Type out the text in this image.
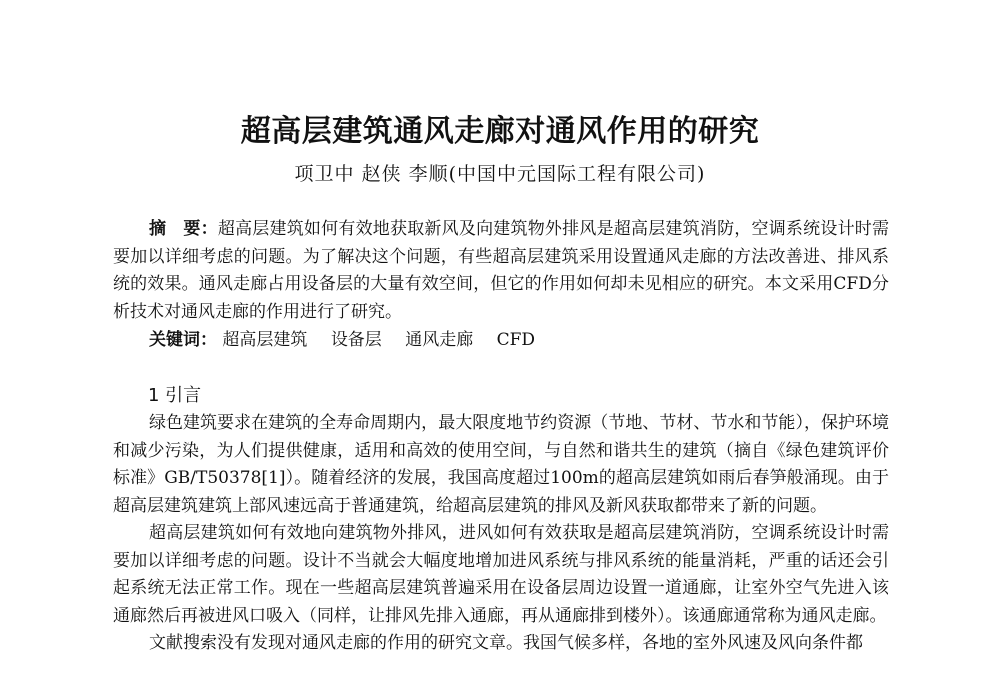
超高层建筑通风走廊对通风作用的研究
项卫中 赵侠 李顺(中国中元国际工程有限公司)
摘　要：超高层建筑如何有效地获取新风及向建筑物外排风是超高层建筑消防，空调系统设计时需要加以详细考虑的问题。为了解决这个问题，有些超高层建筑采用设置通风走廊的方法改善进、排风系统的效果。通风走廊占用设备层的大量有效空间，但它的作用如何却未见相应的研究。本文采用CFD分析技术对通风走廊的作用进行了研究。
关键词： 超高层建筑 设备层 通风走廊 CFD
1 引言

绿色建筑要求在建筑的全寿命周期内，最大限度地节约资源（节地、节材、节水和节能），保护环境和减少污染，为人们提供健康，适用和高效的使用空间，与自然和谐共生的建筑（摘自《绿色建筑评价标准》GB/T50378[1]）。随着经济的发展，我国高度超过100m的超高层建筑如雨后春笋般涌现。由于超高层建筑建筑上部风速远高于普通建筑，给超高层建筑的排风及新风获取都带来了新的问题。

超高层建筑如何有效地向建筑物外排风，进风如何有效获取是超高层建筑消防，空调系统设计时需要加以详细考虑的问题。设计不当就会大幅度地增加进风系统与排风系统的能量消耗，严重的话还会引起系统无法正常工作。现在一些超高层建筑普遍采用在设备层周边设置一道通廊，让室外空气先进入该通廊然后再被进风口吸入（同样，让排风先排入通廊，再从通廊排到楼外）。该通廊通常称为通风走廊。

文献搜索没有发现对通风走廊的作用的研究文章。我国气候多样，各地的室外风速及风向条件都
